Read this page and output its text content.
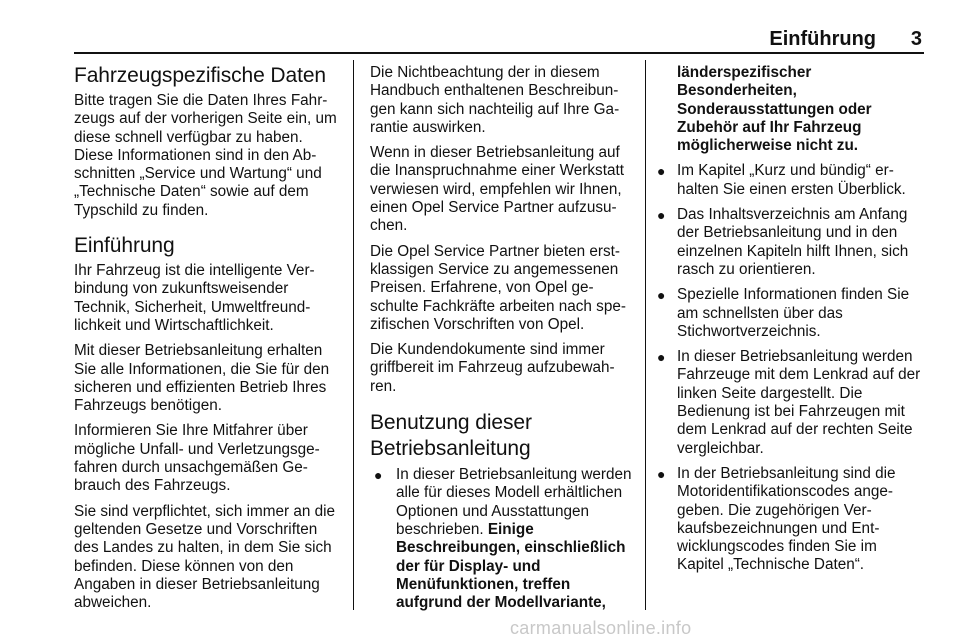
Einführung 3
Fahrzeugspezifische Daten

Bitte tragen Sie die Daten Ihres Fahrzeugs auf der vorherigen Seite ein, um diese schnell verfügbar zu haben. Diese Informationen sind in den Abschnitten „Service und Wartung“ und „Technische Daten“ sowie auf dem Typschild zu finden.

Einführung

Ihr Fahrzeug ist die intelligente Verbindung von zukunftsweisender Technik, Sicherheit, Umweltfreundlichkeit und Wirtschaftlichkeit.

Mit dieser Betriebsanleitung erhalten Sie alle Informationen, die Sie für den sicheren und effizienten Betrieb Ihres Fahrzeugs benötigen.

Informieren Sie Ihre Mitfahrer über mögliche Unfall- und Verletzungsgefahren durch unsachgemäßen Gebrauch des Fahrzeugs.

Sie sind verpflichtet, sich immer an die geltenden Gesetze und Vorschriften des Landes zu halten, in dem Sie sich befinden. Diese können von den Angaben in dieser Betriebsanleitung abweichen.

Die Nichtbeachtung der in diesem Handbuch enthaltenen Beschreibungen kann sich nachteilig auf Ihre Garantie auswirken.

Wenn in dieser Betriebsanleitung auf die Inanspruchnahme einer Werkstatt verwiesen wird, empfehlen wir Ihnen, einen Opel Service Partner aufzusuchen.

Die Opel Service Partner bieten erstklassigen Service zu angemessenen Preisen. Erfahrene, von Opel geschulte Fachkräfte arbeiten nach spezifischen Vorschriften von Opel.

Die Kundendokumente sind immer griffbereit im Fahrzeug aufzubewahren.

Benutzung dieser Betriebsanleitung
● In dieser Betriebsanleitung werden alle für dieses Modell erhältlichen Optionen und Ausstattungen beschrieben. Einige Beschreibungen, einschließlich der für Display- und Menüfunktionen, treffen aufgrund der Modellvariante,
länderspezifischer Besonderheiten, Sonderausstattungen oder Zubehör auf Ihr Fahrzeug möglicherweise nicht zu.
● Im Kapitel „Kurz und bündig“ erhalten Sie einen ersten Überblick.
● Das Inhaltsverzeichnis am Anfang der Betriebsanleitung und in den einzelnen Kapiteln hilft Ihnen, sich rasch zu orientieren.
● Spezielle Informationen finden Sie am schnellsten über das Stichwortverzeichnis.
● In dieser Betriebsanleitung werden Fahrzeuge mit dem Lenkrad auf der linken Seite dargestellt. Die Bedienung ist bei Fahrzeugen mit dem Lenkrad auf der rechten Seite vergleichbar.
● In der Betriebsanleitung sind die Motoridentifikationscodes angegeben. Die zugehörigen Verkaufsbezeichnungen und Entwicklungscodes finden Sie im Kapitel „Technische Daten“.
carmanualsonline.info
